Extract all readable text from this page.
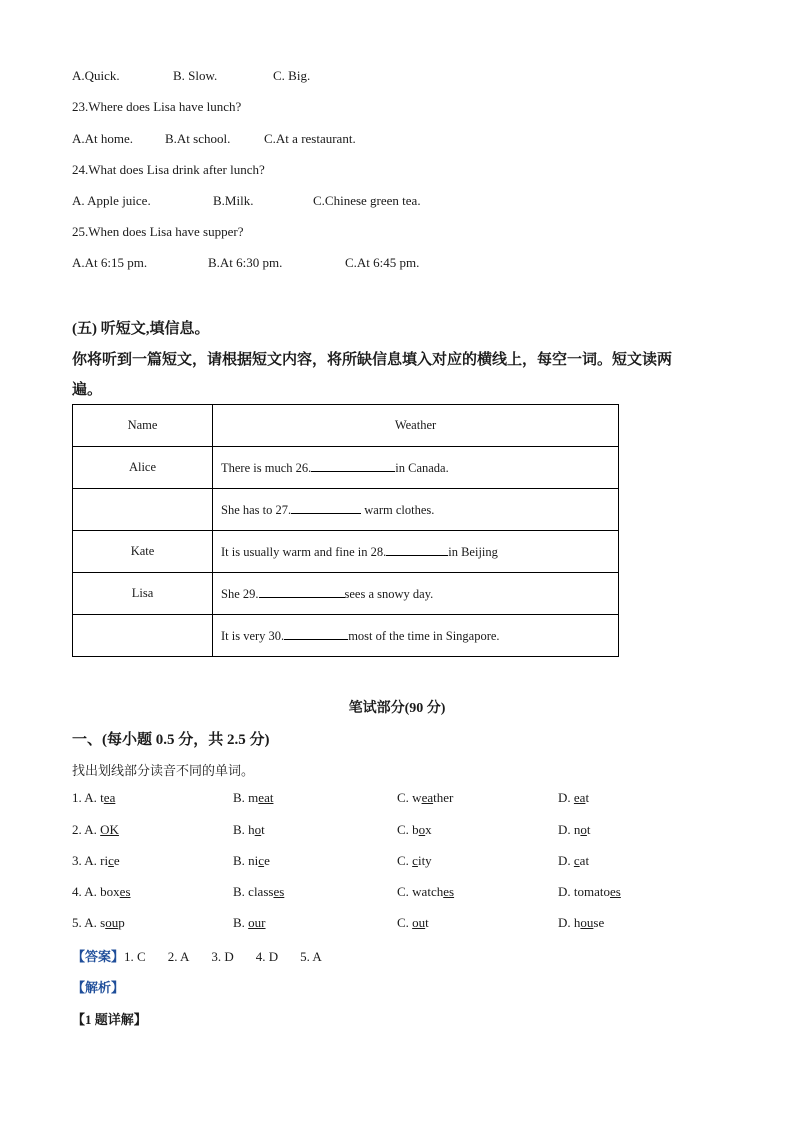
A.Quick.	B. Slow.	C. Big.
23.Where does Lisa have lunch?
A.At home. B.At school.	C.At a restaurant.
24.What does Lisa drink after lunch?
A. Apple juice.	B.Milk.	C.Chinese green tea.
25.When does Lisa have supper?
A.At 6:15 pm.	B.At 6:30 pm.	C.At 6:45 pm.
(五) 听短文,填信息。
你将听到一篇短文，请根据短文内容，将所缺信息填入对应的横线上，每空一词。短文读两
遍。
Name	Weather
Alice	There is much 26. in Canada.
	She has to 27. warm clothes.
Kate	It is usually warm and fine in 28. in Beijing
Lisa	She 29. sees a snowy day.
	It is very 30. most of the time in Singapore.
笔试部分(90 分)
一、(每小题 0.5 分，共 2.5 分)
找出划线部分读音不同的单词。
1. A. tea	B. meat	C. weather	D. eat
2. A. OK	B. hot	C. box	D. not
3. A. rice	B. nice	C. city	D. cat
4. A. boxes	B. classes	C. watches	D. tomatoes
5. A. soup	B. our	C. out	D. house
【答案】1. C 2. A 3. D 4. D 5. A
【解析】
【1 题详解】
